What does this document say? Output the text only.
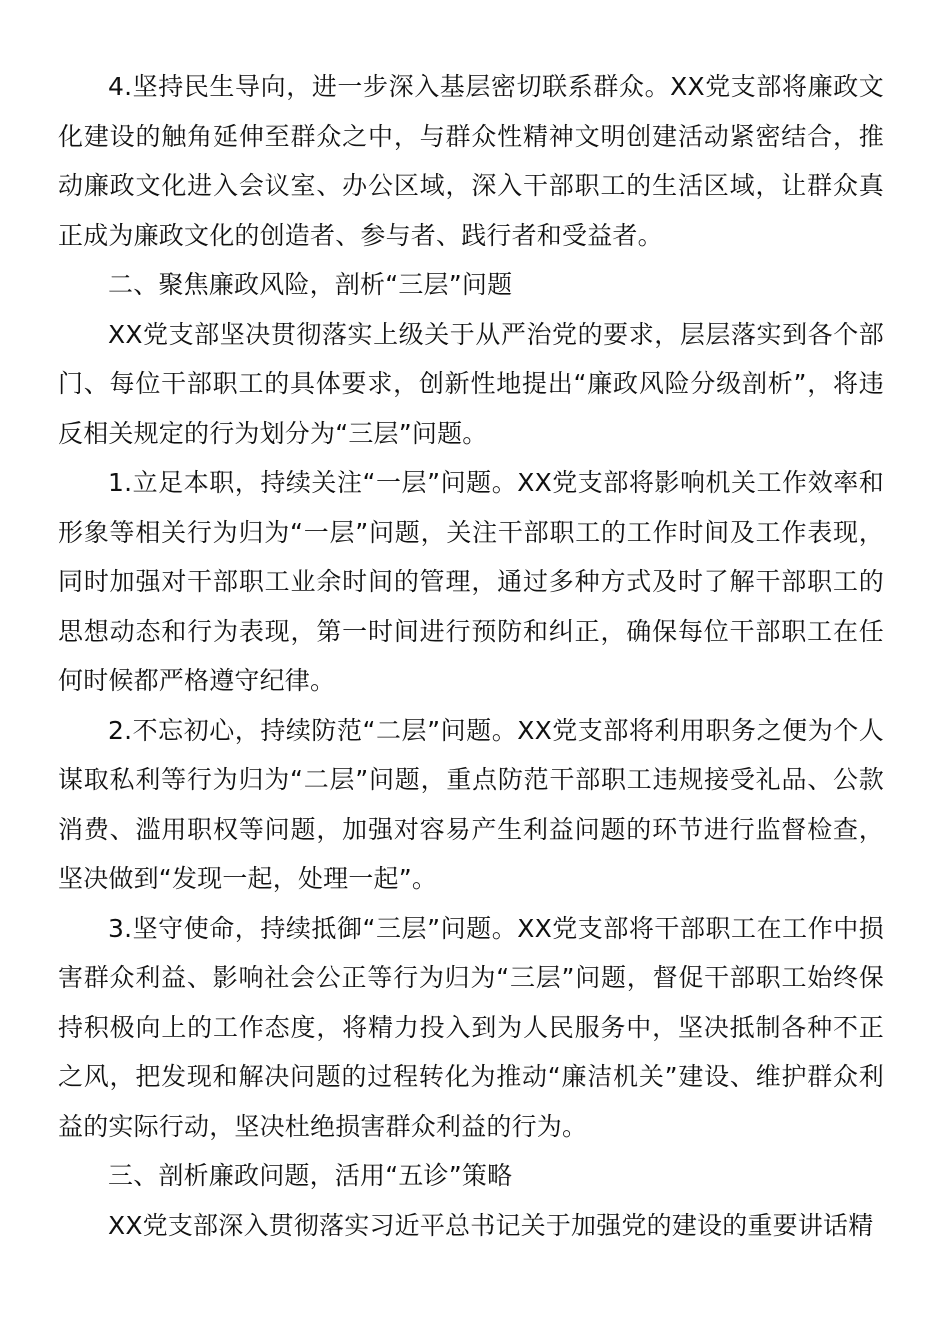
4.坚持民生导向，进一步深入基层密切联系群众。XX党支部将廉政文化建设的触角延伸至群众之中，与群众性精神文明创建活动紧密结合，推动廉政文化进入会议室、办公区域，深入干部职工的生活区域，让群众真正成为廉政文化的创造者、参与者、践行者和受益者。

二、聚焦廉政风险，剖析“三层”问题

XX党支部坚决贯彻落实上级关于从严治党的要求，层层落实到各个部门、每位干部职工的具体要求，创新性地提出“廉政风险分级剖析”，将违反相关规定的行为划分为“三层”问题。

1.立足本职，持续关注“一层”问题。XX党支部将影响机关工作效率和形象等相关行为归为“一层”问题，关注干部职工的工作时间及工作表现，同时加强对干部职工业余时间的管理，通过多种方式及时了解干部职工的思想动态和行为表现，第一时间进行预防和纠正，确保每位干部职工在任何时候都严格遵守纪律。

2.不忘初心，持续防范“二层”问题。XX党支部将利用职务之便为个人谋取私利等行为归为“二层”问题，重点防范干部职工违规接受礼品、公款消费、滥用职权等问题，加强对容易产生利益问题的环节进行监督检查，坚决做到“发现一起，处理一起”。

3.坚守使命，持续抵御“三层”问题。XX党支部将干部职工在工作中损害群众利益、影响社会公正等行为归为“三层”问题，督促干部职工始终保持积极向上的工作态度，将精力投入到为人民服务中，坚决抵制各种不正之风，把发现和解决问题的过程转化为推动“廉洁机关”建设、维护群众利益的实际行动，坚决杜绝损害群众利益的行为。

三、剖析廉政问题，活用“五诊”策略

XX党支部深入贯彻落实习近平总书记关于加强党的建设的重要讲话精
